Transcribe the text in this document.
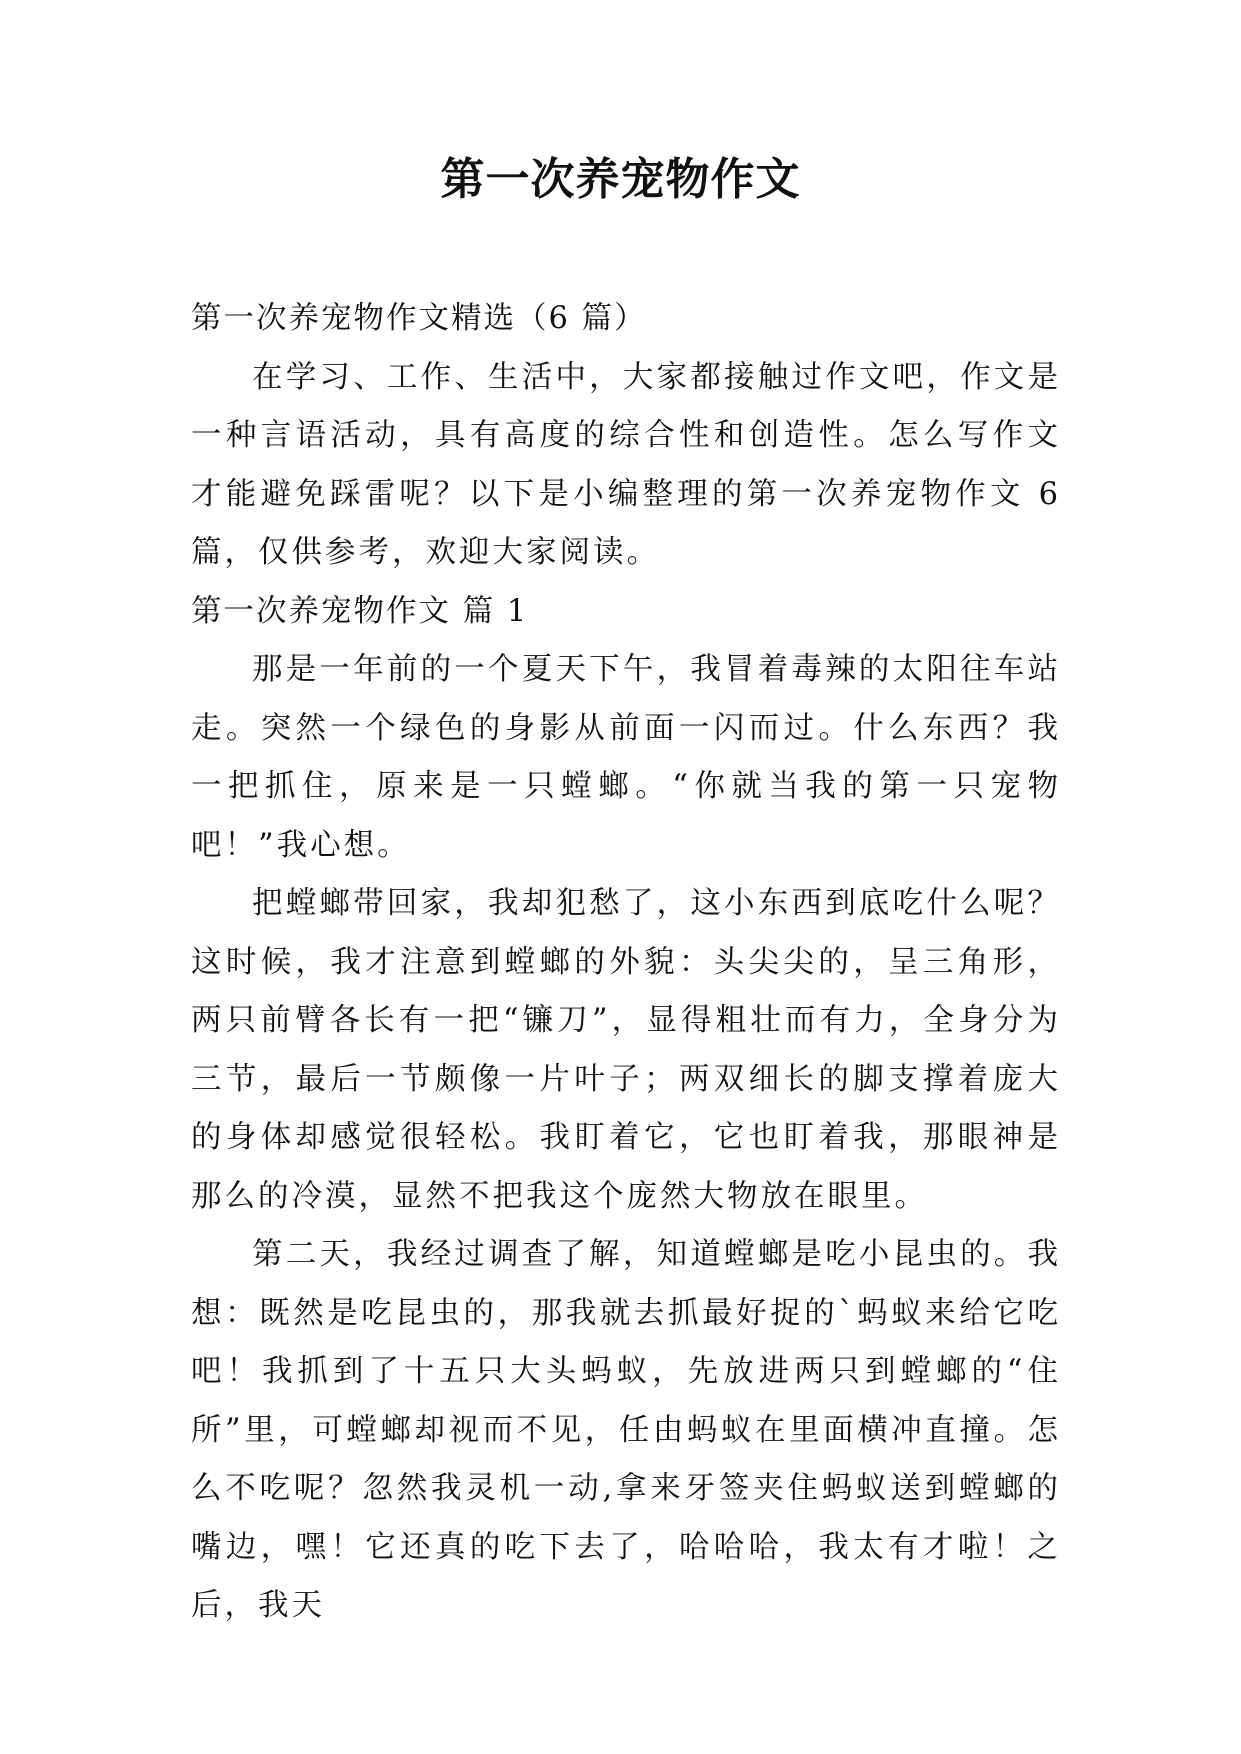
第一次养宠物作文

第一次养宠物作文精选（6 篇）

在学习、工作、生活中，大家都接触过作文吧，作文是一种言语活动，具有高度的综合性和创造性。怎么写作文才能避免踩雷呢？以下是小编整理的第一次养宠物作文 6 篇，仅供参考，欢迎大家阅读。

第一次养宠物作文 篇 1

那是一年前的一个夏天下午，我冒着毒辣的太阳往车站走。突然一个绿色的身影从前面一闪而过。什么东西？我一把抓住，原来是一只螳螂。“你就当我的第一只宠物吧！”我心想。

把螳螂带回家，我却犯愁了，这小东西到底吃什么呢？这时候，我才注意到螳螂的外貌：头尖尖的，呈三角形，两只前臂各长有一把“镰刀”，显得粗壮而有力，全身分为三节，最后一节颇像一片叶子；两双细长的脚支撑着庞大的身体却感觉很轻松。我盯着它，它也盯着我，那眼神是那么的冷漠，显然不把我这个庞然大物放在眼里。

第二天，我经过调查了解，知道螳螂是吃小昆虫的。我想：既然是吃昆虫的，那我就去抓最好捉的`蚂蚁来给它吃吧！我抓到了十五只大头蚂蚁，先放进两只到螳螂的“住所”里，可螳螂却视而不见，任由蚂蚁在里面横冲直撞。怎么不吃呢？忽然我灵机一动,拿来牙签夹住蚂蚁送到螳螂的嘴边，嘿！它还真的吃下去了，哈哈哈，我太有才啦！之后，我天
